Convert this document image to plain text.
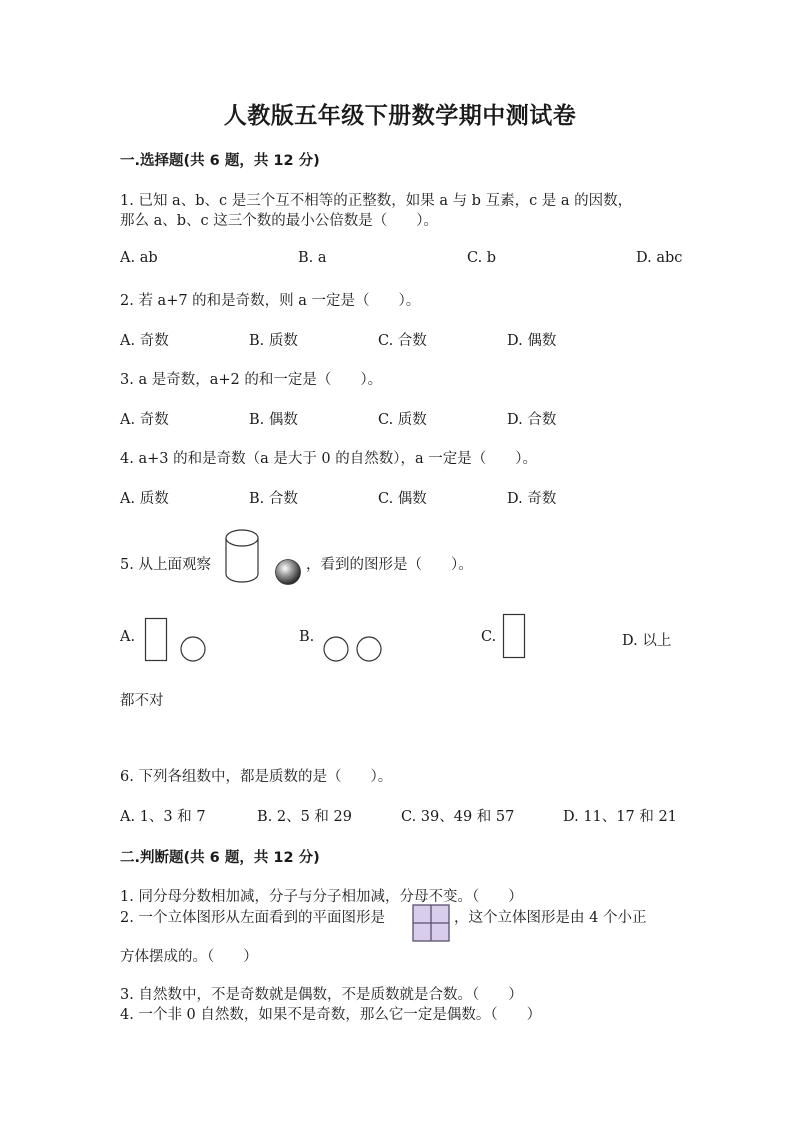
人教版五年级下册数学期中测试卷
一.选择题(共 6 题，共 12 分)
1. 已知 a、b、c 是三个互不相等的正整数，如果 a 与 b 互素，c 是 a 的因数，
那么 a、b、c 这三个数的最小公倍数是（　　）。
A. ab	B. a	C. b	D. abc
2. 若 a+7 的和是奇数，则 a 一定是（　　）。
A. 奇数	B. 质数	C. 合数	D. 偶数
3. a 是奇数，a+2 的和一定是（　　）。
A. 奇数	B. 偶数	C. 质数	D. 合数
4. a+3 的和是奇数（a 是大于 0 的自然数），a 一定是（　　）。
A. 质数	B. 合数	C. 偶数	D. 奇数
5. 从上面观察	，看到的图形是（　　）。
A.	B.	C.	D. 以上
都不对
6. 下列各组数中，都是质数的是（　　）。
A. 1、3 和 7	B. 2、5 和 29	C. 39、49 和 57	D. 11、17 和 21
二.判断题(共 6 题，共 12 分)
1. 同分母分数相加减，分子与分子相加减，分母不变。（　　）
2. 一个立体图形从左面看到的平面图形是	，这个立体图形是由 4 个小正
方体摆成的。（　　）
3. 自然数中，不是奇数就是偶数，不是质数就是合数。（　　）
4. 一个非 0 自然数，如果不是奇数，那么它一定是偶数。（　　）
